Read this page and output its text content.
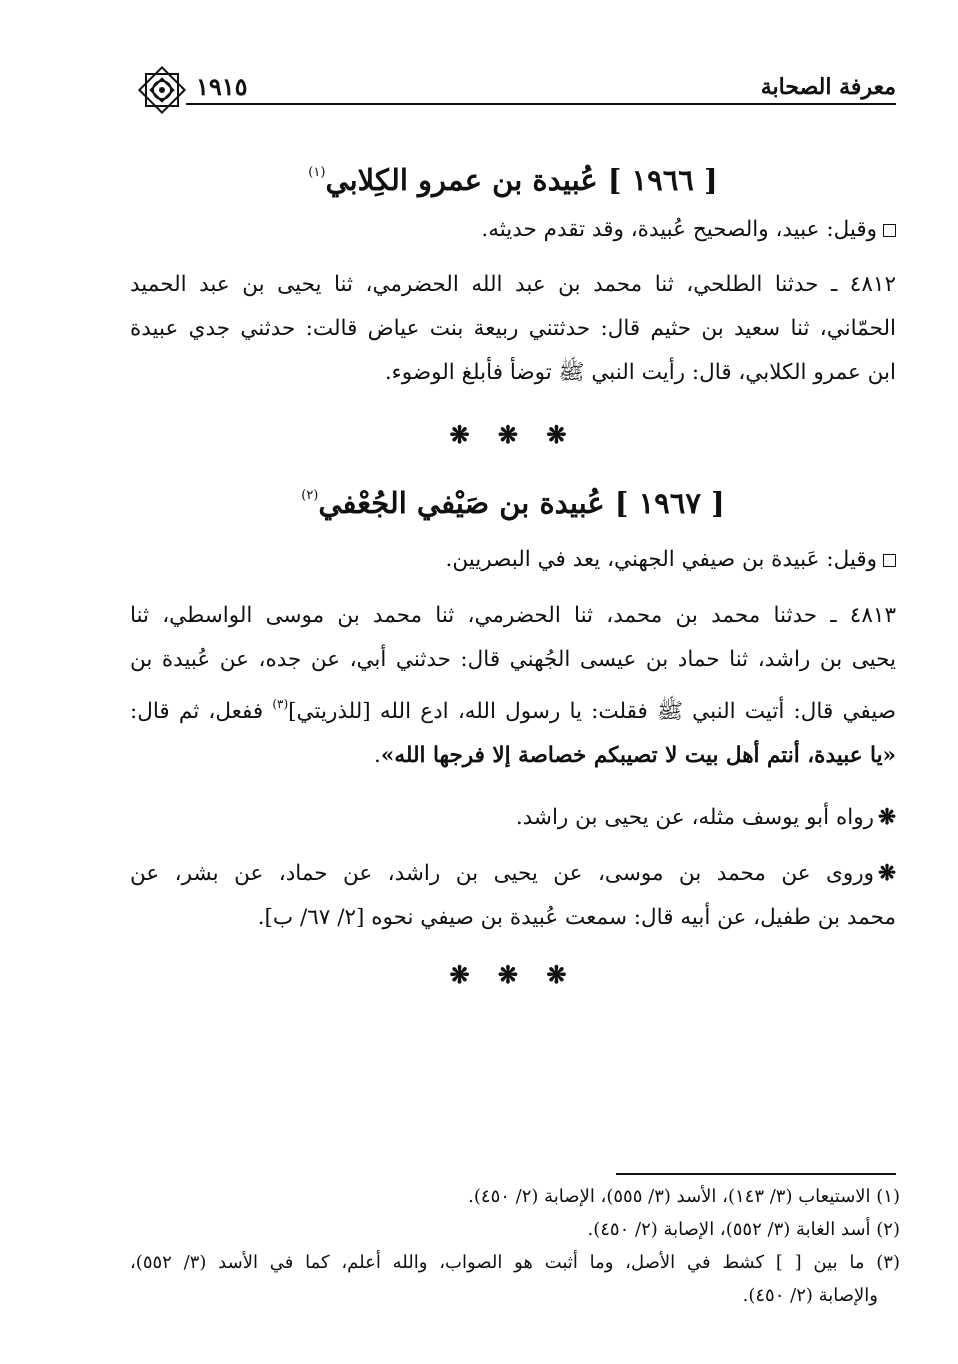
١٩١٥	معرفة الصحابة
[ ١٩٦٦ ] عُبيدة بن عمرو الكِلابي$^{(١)}$

وقيل: عبيد، والصحيح عُبيدة، وقد تقدم حديثه.

٤٨١٢ ـ حدثنا الطلحي، ثنا محمد بن عبد الله الحضرمي، ثنا يحيى بن عبد الحميد

الحمّاني، ثنا سعيد بن حثيم قال: حدثتني ربيعة بنت عياض قالت: حدثني جدي عبيدة

ابن عمرو الكلابي، قال: رأيت النبي ﷺ توضأ فأبلغ الوضوء.

❋ ❋ ❋
[ ١٩٦٧ ] عُبيدة بن صَيْفي الجُعْفي$^{(٢)}$

وقيل: عَبيدة بن صيفي الجهني، يعد في البصريين.

٤٨١٣ ـ حدثنا محمد بن محمد، ثنا الحضرمي، ثنا محمد بن موسى الواسطي، ثنا

يحيى بن راشد، ثنا حماد بن عيسى الجُهني قال: حدثني أبي، عن جده، عن عُبيدة بن

صيفي قال: أتيت النبي ﷺ فقلت: يا رسول الله، ادع الله [للذريتي]$^{(٣)}$ ففعل، ثم قال:

«يا عبيدة، أنتم أهل بيت لا تصيبكم خصاصة إلا فرجها الله».

❋رواه أبو يوسف مثله، عن يحيى بن راشد.

❋وروى عن محمد بن موسى، عن يحيى بن راشد، عن حماد، عن بشر، عن

محمد بن طفيل، عن أبيه قال: سمعت عُبيدة بن صيفي نحوه [٢/ ٦٧/ ب].

❋ ❋ ❋

(١) الاستيعاب (٣/ ١٤٣)، الأسد (٣/ ٥٥٥)، الإصابة (٢/ ٤٥٠).

(٢) أسد الغابة (٣/ ٥٥٢)، الإصابة (٢/ ٤٥٠).

(٣) ما بين [ ] كشط في الأصل، وما أثبت هو الصواب، والله أعلم، كما في الأسد (٣/ ٥٥٢)،

والإصابة (٢/ ٤٥٠).
